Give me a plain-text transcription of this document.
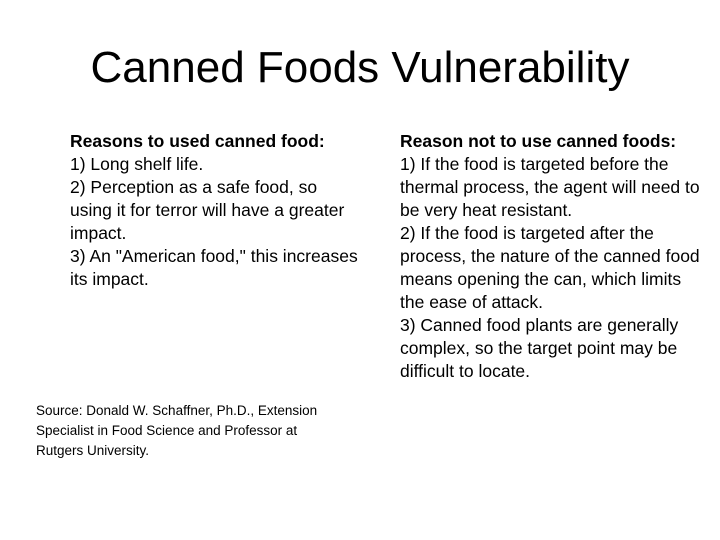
Canned Foods Vulnerability
Reasons to used canned food:
1) Long shelf life.
2) Perception as a safe food, so using it for terror will have a greater impact.
3) An "American food," this increases its impact.
Source: Donald W. Schaffner, Ph.D., Extension Specialist in Food Science and Professor at Rutgers University.
Reason not to use canned foods:
1) If the food is targeted before the thermal process, the agent will need to be very heat resistant.
2) If the food is targeted after the process, the nature of the canned food means opening the can, which limits the ease of attack.
3) Canned food plants are generally complex, so the target point may be difficult to locate.
